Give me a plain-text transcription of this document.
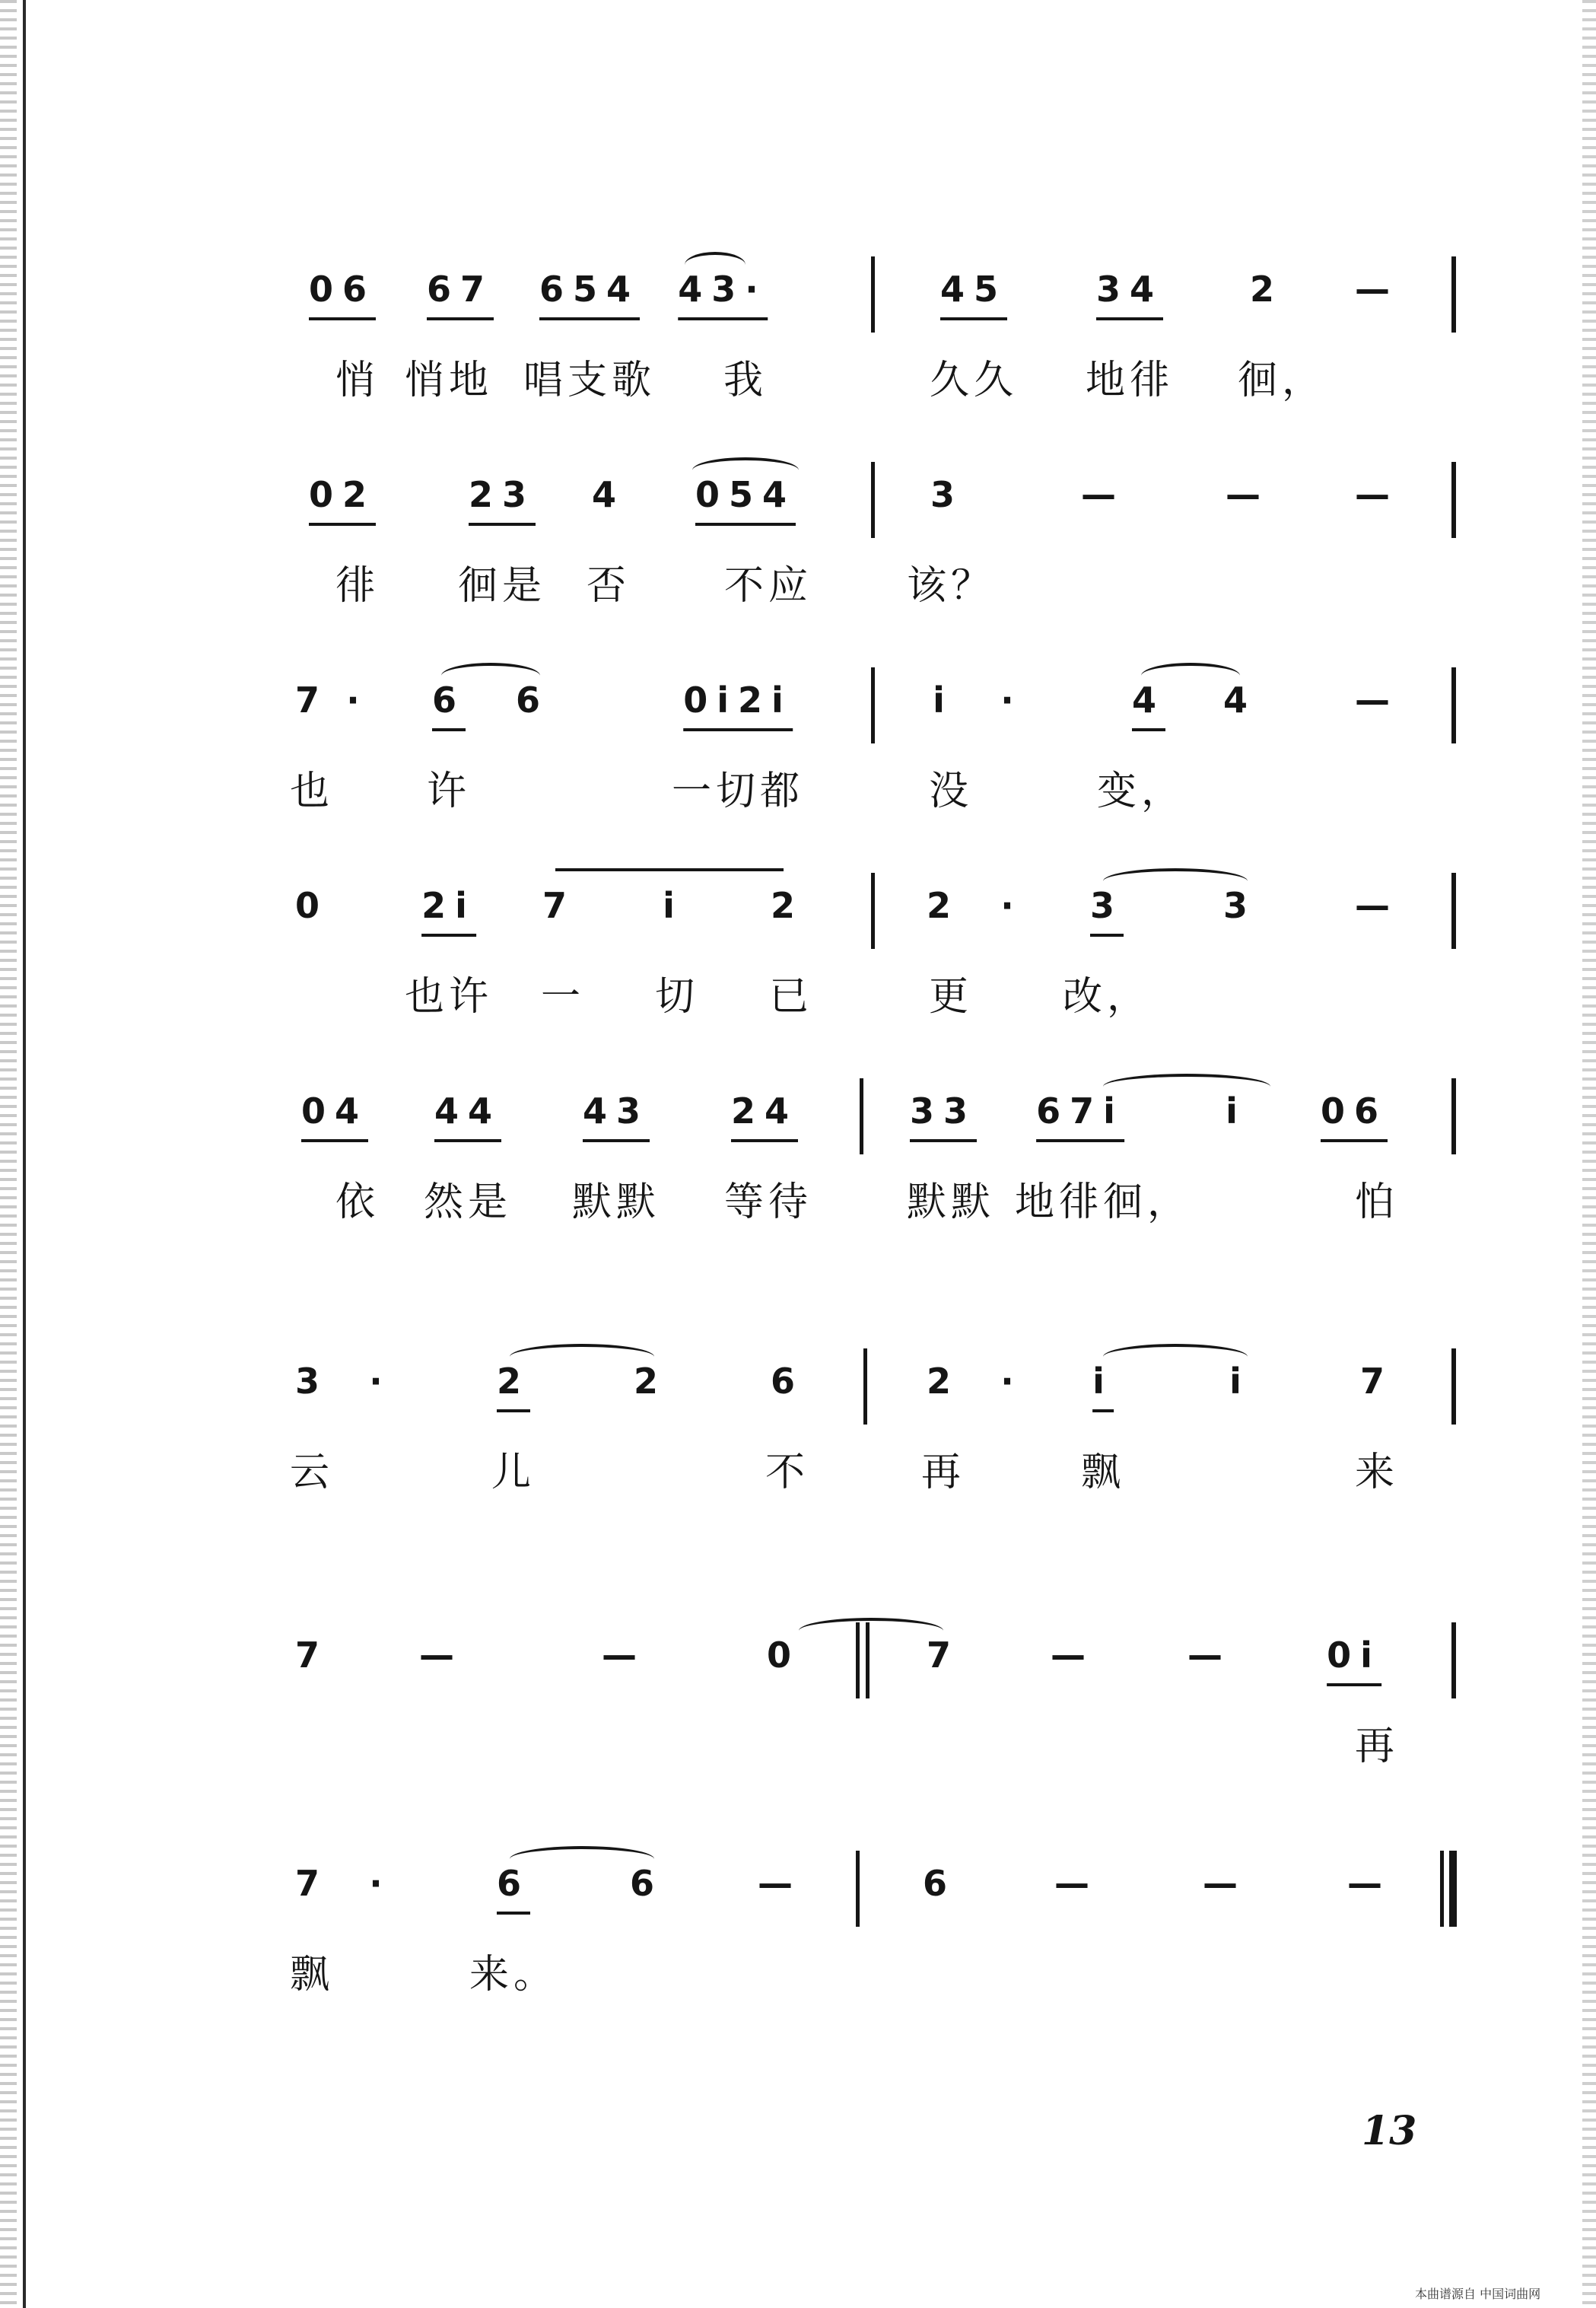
06 67 654 43·	45	34 2 —
悄 悄地 唱支歌 我	久久 地徘 徊，
02	23 4 054	3	—	— —
徘 徊是 否 不应 该？
7 · 6 6	0i2i	i ·	4 4	—
也 许	一切都	没	变，
0	2i 7 i 2	2 · 3	3	—
也许 一 切 已	更 改，
04 44 43 24	33 67i	i 06
依 然是 默默 等待 默默 地徘徊，	怕
3 ·	2	2	6	2 · i	i	7
云	儿	不	再	飘	来
7	—	—	0	7	—	—	0i
再
7 ·	6	6	—	6	—	—	—
飘	来。
13
本曲谱源自 中国词曲网
